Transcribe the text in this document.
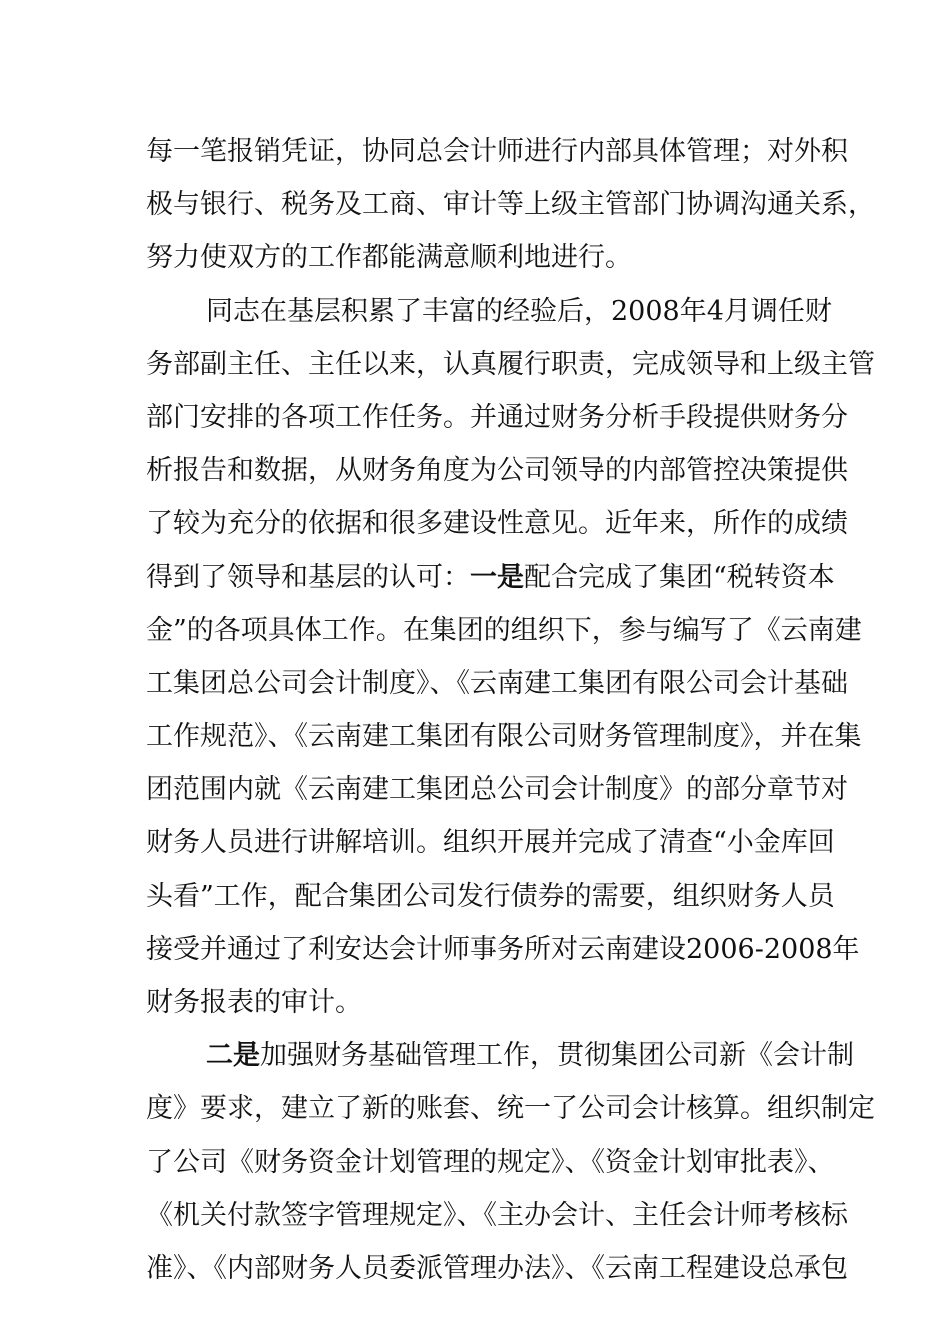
每一笔报销凭证，协同总会计师进行内部具体管理；对外积
极与银行、税务及工商、审计等上级主管部门协调沟通关系，
努力使双方的工作都能满意顺利地进行。
同志在基层积累了丰富的经验后，2008年4月调任财
务部副主任、主任以来，认真履行职责，完成领导和上级主管
部门安排的各项工作任务。并通过财务分析手段提供财务分
析报告和数据，从财务角度为公司领导的内部管控决策提供
了较为充分的依据和很多建设性意见。近年来，所作的成绩
得到了领导和基层的认可：一是配合完成了集团“税转资本
金”的各项具体工作。在集团的组织下，参与编写了《云南建
工集团总公司会计制度》、《云南建工集团有限公司会计基础
工作规范》、《云南建工集团有限公司财务管理制度》，并在集
团范围内就《云南建工集团总公司会计制度》的部分章节对
财务人员进行讲解培训。组织开展并完成了清查“小金库回
头看”工作，配合集团公司发行债券的需要，组织财务人员
接受并通过了利安达会计师事务所对云南建设2006-2008年
财务报表的审计。
二是加强财务基础管理工作，贯彻集团公司新《会计制
度》要求，建立了新的账套、统一了公司会计核算。组织制定
了公司《财务资金计划管理的规定》、《资金计划审批表》、
《机关付款签字管理规定》、《主办会计、主任会计师考核标
准》、《内部财务人员委派管理办法》、《云南工程建设总承包
